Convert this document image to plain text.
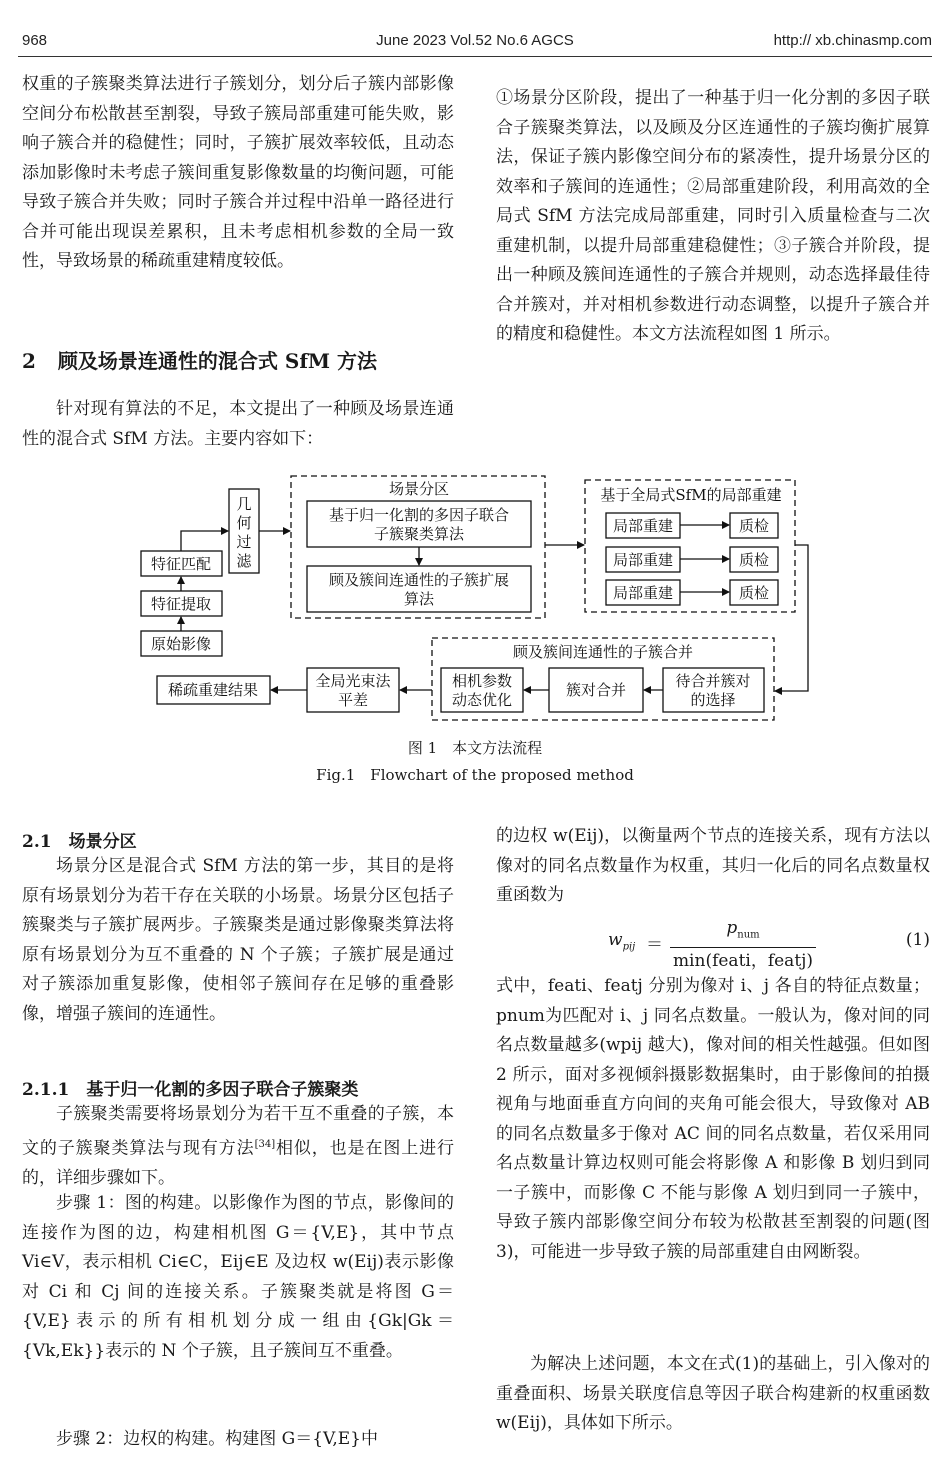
968	June 2023 Vol.52 No.6 AGCS	http:// xb.chinasmp.com

权重的子簇聚类算法进行子簇划分，划分后子簇内部影像空间分布松散甚至割裂，导致子簇局部重建可能失败，影响子簇合并的稳健性；同时，子簇扩展效率较低，且动态添加影像时未考虑子簇间重复影像数量的均衡问题，可能导致子簇合并失败；同时子簇合并过程中沿单一路径进行合并可能出现误差累积，且未考虑相机参数的全局一致性，导致场景的稀疏重建精度较低。

2 顾及场景连通性的混合式 SfM 方法

针对现有算法的不足，本文提出了一种顾及场景连通性的混合式 SfM 方法。主要内容如下：

①场景分区阶段，提出了一种基于归一化分割的多因子联合子簇聚类算法，以及顾及分区连通性的子簇均衡扩展算法，保证子簇内影像空间分布的紧凑性，提升场景分区的效率和子簇间的连通性；②局部重建阶段，利用高效的全局式 SfM 方法完成局部重建，同时引入质量检查与二次重建机制，以提升局部重建稳健性；③子簇合并阶段，提出一种顾及簇间连通性的子簇合并规则，动态选择最佳待合并簇对，并对相机参数进行动态调整，以提升子簇合并的精度和稳健性。本文方法流程如图 1 所示。

原始影像
特征提取
特征匹配
几
何
过
滤
场景分区
基于归一化割的多因子联合
子簇聚类算法
顾及簇间连通性的子簇扩展
算法
基于全局式SfM的局部重建
局部重建
局部重建
局部重建
质检
质检
质检
顾及簇间连通性的子簇合并
待合并簇对
的选择
簇对合并
相机参数
动态优化
全局光束法
平差
稀疏重建结果

图 1　本文方法流程

Fig.1　Flowchart of the proposed method

2.1　场景分区

场景分区是混合式 SfM 方法的第一步，其目的是将原有场景划分为若干存在关联的小场景。场景分区包括子簇聚类与子簇扩展两步。子簇聚类是通过影像聚类算法将原有场景划分为互不重叠的 N 个子簇；子簇扩展是通过对子簇添加重复影像，使相邻子簇间存在足够的重叠影像，增强子簇间的连通性。

2.1.1　基于归一化割的多因子联合子簇聚类

子簇聚类需要将场景划分为若干互不重叠的子簇，本文的子簇聚类算法与现有方法[34]相似，也是在图上进行的，详细步骤如下。

步骤 1：图的构建。以影像作为图的节点，影像间的连接作为图的边，构建相机图 G＝{V,E}，其中节点 Vi∈V，表示相机 Ci∈C，Eij∈E 及边权 w(Eij)表示影像对 Ci 和 Cj 间的连接关系。子簇聚类就是将图 G＝{V,E}表示的所有相机划分成一组由{Gk|Gk＝{Vk,Ek}}表示的 N 个子簇，且子簇间互不重叠。

步骤 2：边权的构建。构建图 G＝{V,E}中

的边权 w(Eij)，以衡量两个节点的连接关系，现有方法以像对的同名点数量作为权重，其归一化后的同名点数量权重函数为

$w_{pij}$ ＝
$p_{num}$
min(feati，featj)
(1)

式中，feati、featj 分别为像对 i、j 各自的特征点数量；pnum为匹配对 i、j 同名点数量。一般认为，像对间的同名点数量越多(wpij 越大)，像对间的相关性越强。但如图 2 所示，面对多视倾斜摄影数据集时，由于影像间的拍摄视角与地面垂直方向间的夹角可能会很大，导致像对 AB 的同名点数量多于像对 AC 间的同名点数量，若仅采用同名点数量计算边权则可能会将影像 A 和影像 B 划归到同一子簇中，而影像 C 不能与影像 A 划归到同一子簇中，导致子簇内部影像空间分布较为松散甚至割裂的问题(图 3)，可能进一步导致子簇的局部重建自由网断裂。

为解决上述问题，本文在式(1)的基础上，引入像对的重叠面积、场景关联度信息等因子联合构建新的权重函数 w(Eij)，具体如下所示。
